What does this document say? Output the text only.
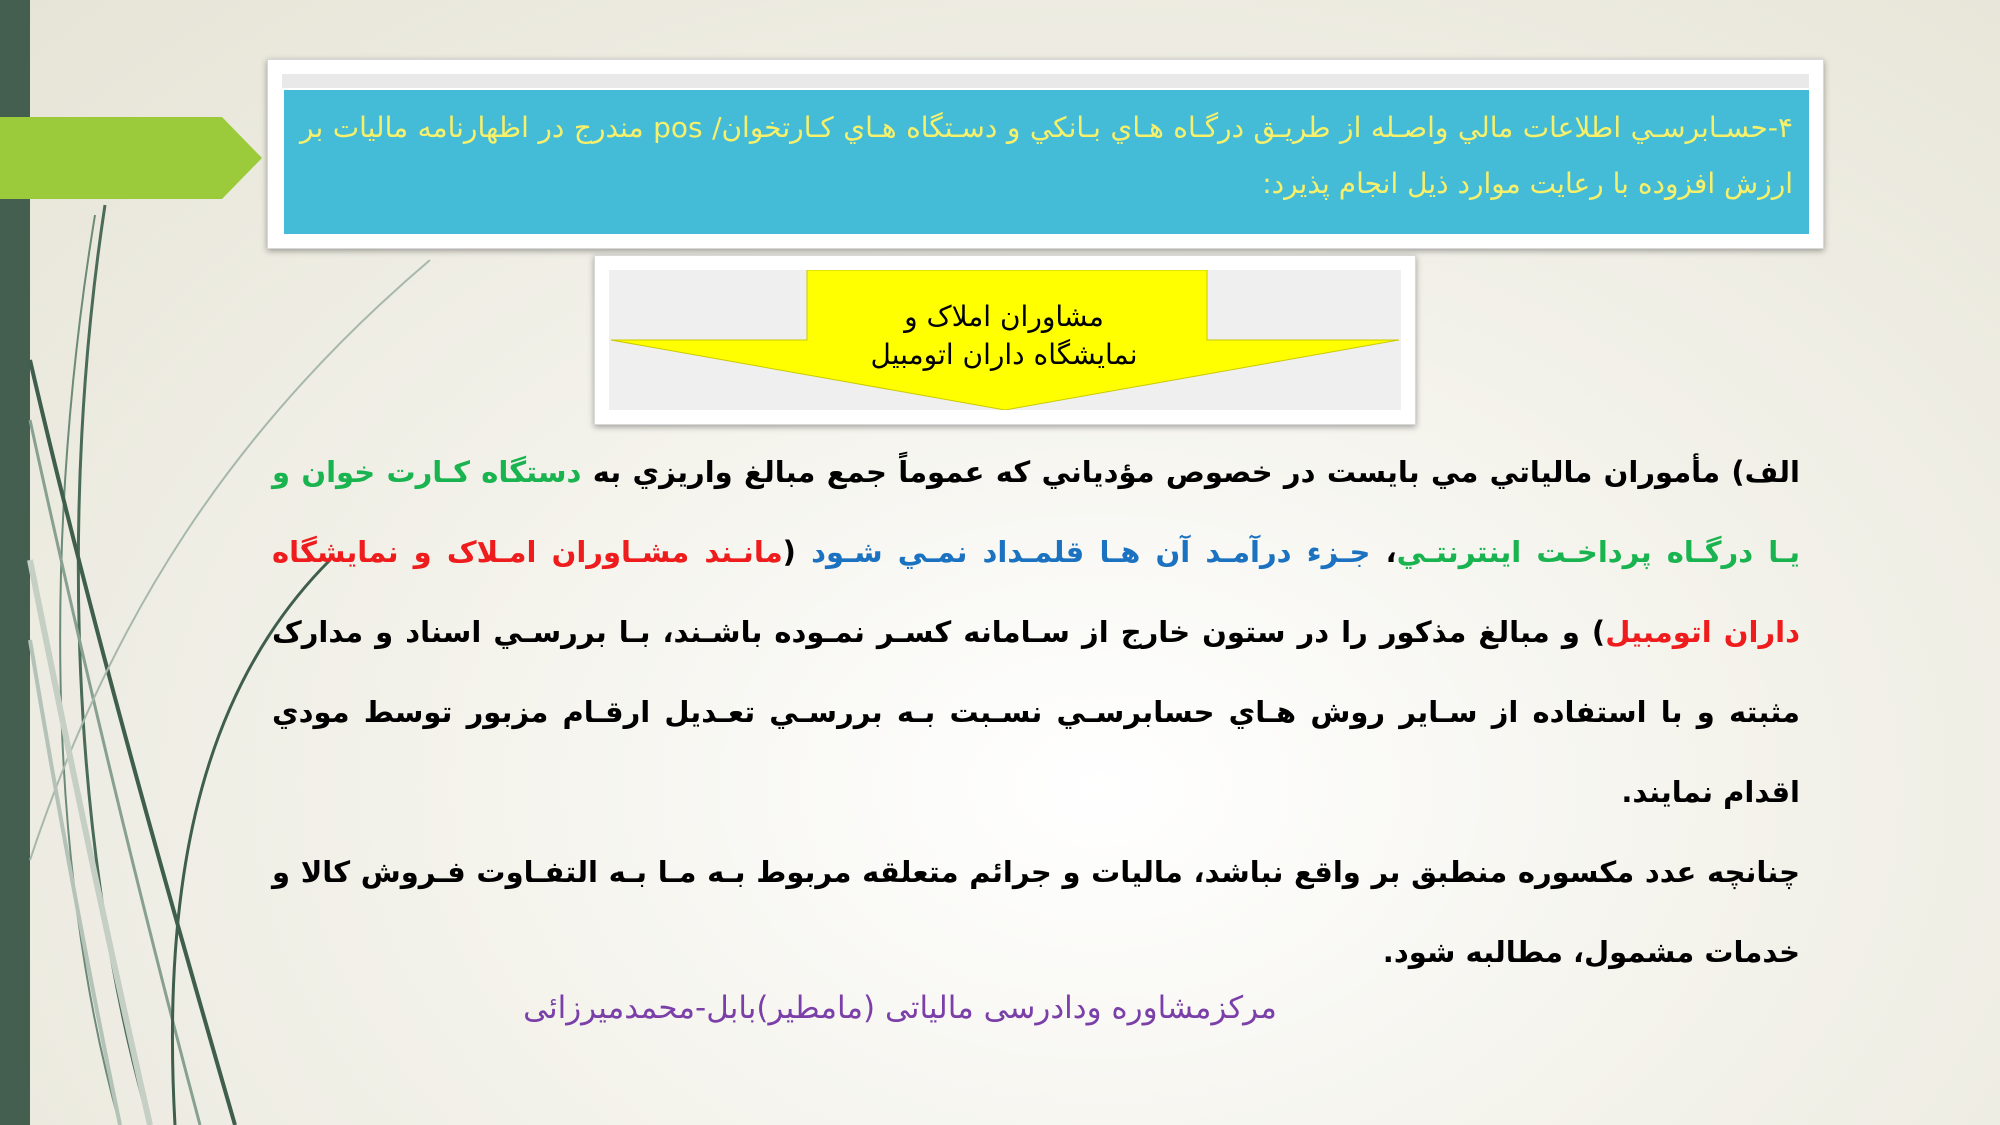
۴-حسـابرسـي اطلاعات مالي واصـله از طريـق درگـاه هـاي بـانكي و دسـتگاه هـاي كـارتخوان/ pos مندرج در اظهارنامه ماليات بر ارزش افزوده با رعايت موارد ذيل انجام پذيرد:
مشاوران املاک و
نمايشگاه داران اتومبيل

الف) مأموران مالياتي مي بايست در خصوص مؤدياني كه عموماً جمع مبالغ واريزي به دستگاه كـارت خوان و يـا درگـاه پرداخـت اينترنتـي، جـزء درآمـد آن هـا قلمـداد نمـي شـود (مانـند مشـاوران امـلاک و نمايشگاه داران اتومبيل) و مبالغ مذكور را در ستون خارج از سـامانه كسـر نمـوده باشـند، بـا بررسـي اسناد و مدارک مثبته و با استفاده از سـاير روش هـاي حسابرسـي نسـبت بـه بررسـي تعـديل ارقـام مزبور توسط مودي اقدام نمايند.

چنانچه عدد مكسوره منطبق بر واقع نباشد، ماليات و جرائم متعلقه مربوط بـه مـا بـه التفـاوت فـروش كالا و خدمات مشمول، مطالبه شود.

مرکزمشاوره ودادرسی مالیاتی (مامطیر)بابل-محمدمیرزائی
